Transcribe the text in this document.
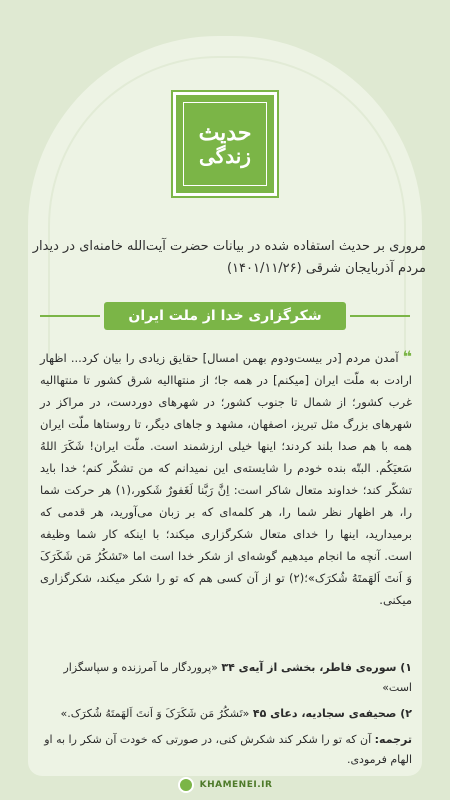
حدیث
زندگی
مروری بر حدیث استفاده شده در بیانات حضرت آیت‌الله خامنه‌ای در دیدار مردم آذربایجان شرقی (۱۴۰۱/۱۱/۲۶)
شکرگزاری خدا از ملت ایران
❝آمدن مردم [در بیست‌ودوم بهمن امسال] حقایق زیادی را بیان کرد... اظهار ارادت به ملّت ایران [میکنم] در همه جا؛ از منتهاالیه شرق کشور تا منتهاالیه غرب کشور؛ از شمال تا جنوب کشور؛ در شهرهای دوردست، در مراکز در شهرهای بزرگ مثل تبریز، اصفهان، مشهد و جاهای دیگر، تا روستاها ملّت ایران همه با هم صدا بلند کردند؛ اینها خیلی ارزشمند است. ملّت ایران! شَکَرَ اللهُ سَعیَکُم. البتّه بنده خودم را شایسته‌ی این نمیدانم که من تشکّر کنم؛ خدا باید تشکّر کند؛ خداوند متعال شاکر است: اِنَّ رَبَّنا لَغَفورٌ شَکور،(۱) هر حرکت شما را، هر اظهار نظر شما را، هر کلمه‌ای که بر زبان می‌آورید، هر قدمی که برمیدارید، اینها را خدای متعال شکرگزاری میکند؛ با اینکه کار شما وظیفه است. آنچه ما انجام میدهیم گوشه‌ای از شکر خدا است اما «تَشکُرُ مَن شَکَرَکَ وَ اَنتَ اَلهَمتَهُ شُکرَک»؛(۲) تو از آن کسی هم که تو را شکر میکند، شکرگزاری میکنی.
۱) سوره‌ی فاطر، بخشی از آیه‌ی ۳۴ «پروردگار ما آمرزنده و سپاسگزار است»
۲) صحیفه‌ی سجادیه، دعای ۴۵ «تَشکُرُ مَن شَکَرَکَ وَ اَنتَ اَلهَمتَهُ شُکرَک.»
ترجمه: آن که تو را شکر کند شکرش کنی، در صورتی که خودت آن شکر را به او الهام فرمودی.
KHAMENEI.IR
